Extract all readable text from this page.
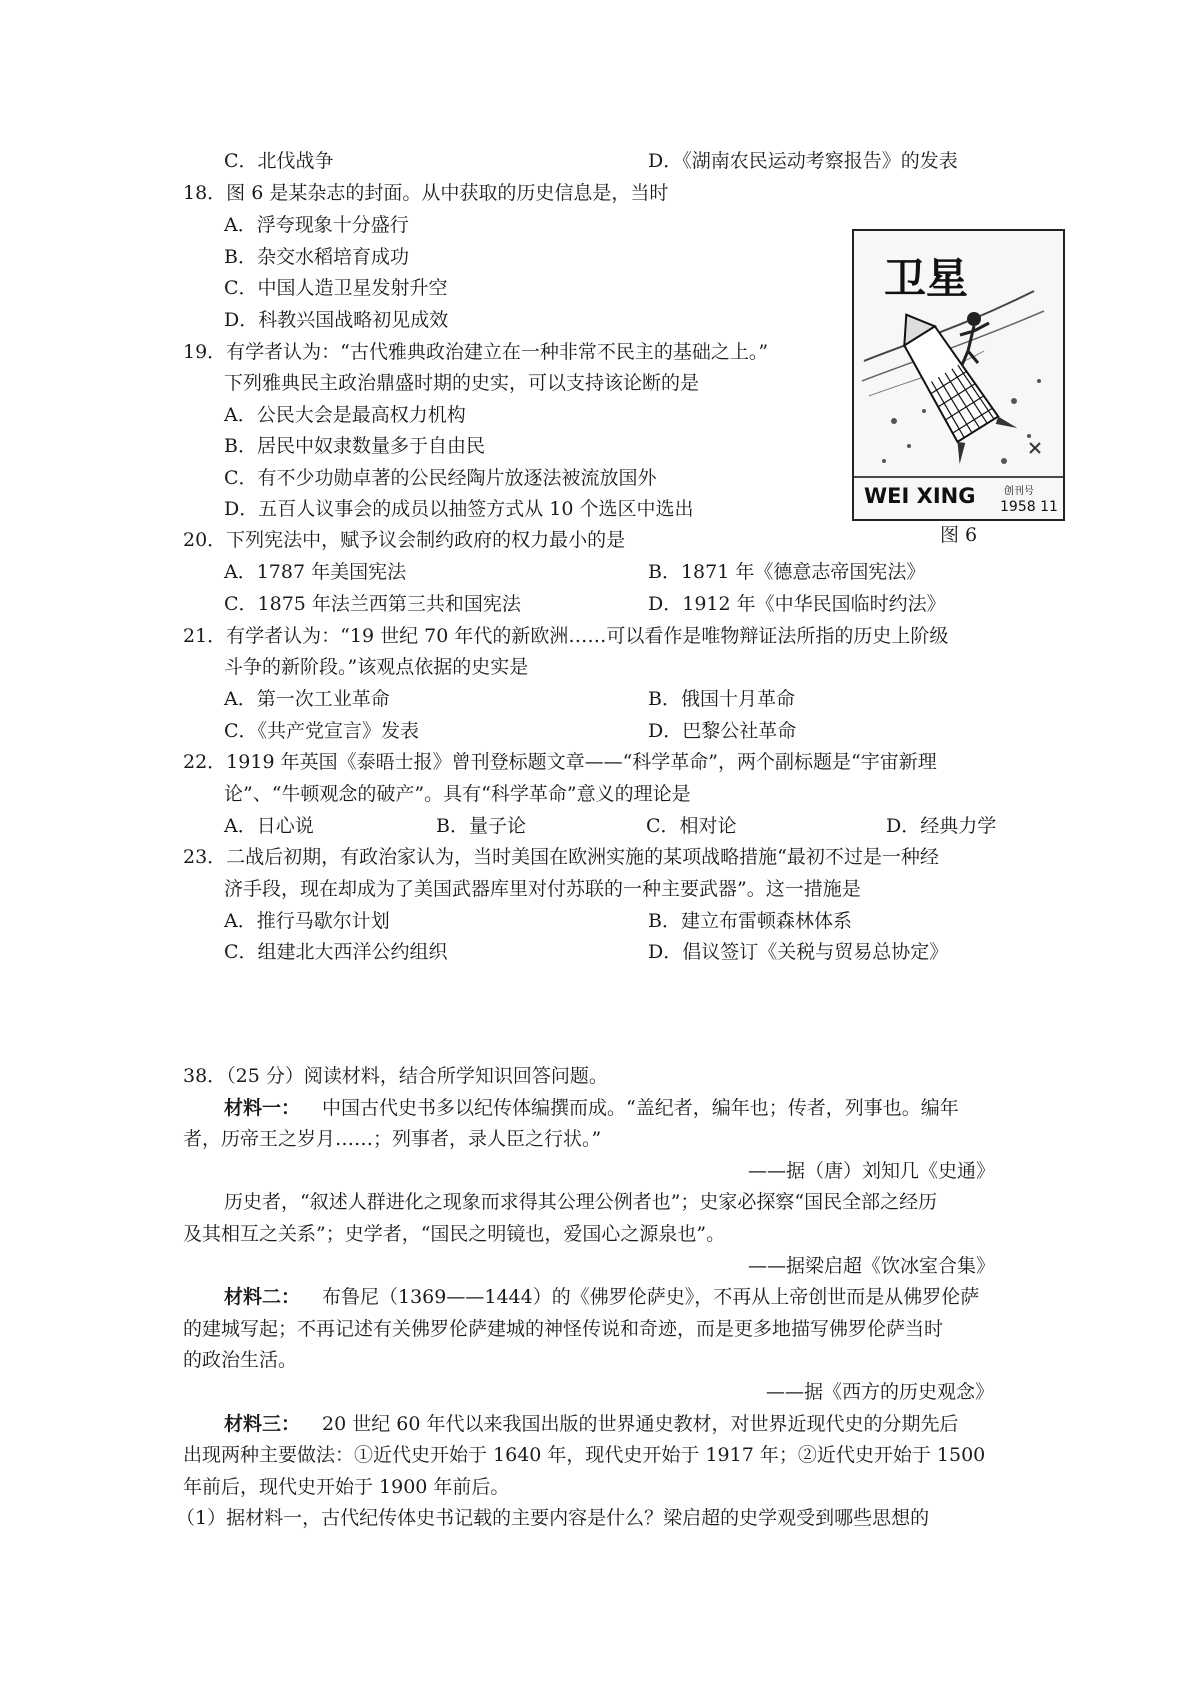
C．北伐战争	D．《湖南农民运动考察报告》的发表
18．图 6 是某杂志的封面。从中获取的历史信息是，当时
A．浮夸现象十分盛行
B．杂交水稻培育成功
C．中国人造卫星发射升空
D．科教兴国战略初见成效
卫星
WEI XING	创刊号
1958 11
图 6
19．有学者认为：“古代雅典政治建立在一种非常不民主的基础之上。”
下列雅典民主政治鼎盛时期的史实，可以支持该论断的是
A．公民大会是最高权力机构
B．居民中奴隶数量多于自由民
C．有不少功勋卓著的公民经陶片放逐法被流放国外
D．五百人议事会的成员以抽签方式从 10 个选区中选出
20．下列宪法中，赋予议会制约政府的权力最小的是
A．1787 年美国宪法	B．1871 年《德意志帝国宪法》
C．1875 年法兰西第三共和国宪法	D．1912 年《中华民国临时约法》
21．有学者认为：“19 世纪 70 年代的新欧洲……可以看作是唯物辩证法所指的历史上阶级
斗争的新阶段。”该观点依据的史实是
A．第一次工业革命	B．俄国十月革命
C．《共产党宣言》发表	D．巴黎公社革命
22．1919 年英国《泰晤士报》曾刊登标题文章——“科学革命”，两个副标题是“宇宙新理
论”、“牛顿观念的破产”。具有“科学革命”意义的理论是
A．日心说	B．量子论	C．相对论	D．经典力学
23．二战后初期，有政治家认为，当时美国在欧洲实施的某项战略措施“最初不过是一种经
济手段，现在却成为了美国武器库里对付苏联的一种主要武器”。这一措施是
A．推行马歇尔计划	B．建立布雷顿森林体系
C．组建北大西洋公约组织	D．倡议签订《关税与贸易总协定》
38．（25 分）阅读材料，结合所学知识回答问题。
材料一： 中国古代史书多以纪传体编撰而成。“盖纪者，编年也；传者，列事也。编年
者，历帝王之岁月……；列事者，录人臣之行状。”
——据（唐）刘知几《史通》
历史者，“叙述人群进化之现象而求得其公理公例者也”；史家必探察“国民全部之经历
及其相互之关系”；史学者，“国民之明镜也，爱国心之源泉也”。
——据梁启超《饮冰室合集》
材料二： 布鲁尼（1369——1444）的《佛罗伦萨史》，不再从上帝创世而是从佛罗伦萨
的建城写起；不再记述有关佛罗伦萨建城的神怪传说和奇迹，而是更多地描写佛罗伦萨当时
的政治生活。
——据《西方的历史观念》
材料三： 20 世纪 60 年代以来我国出版的世界通史教材，对世界近现代史的分期先后
出现两种主要做法：①近代史开始于 1640 年，现代史开始于 1917 年；②近代史开始于 1500
年前后，现代史开始于 1900 年前后。
（1）据材料一，古代纪传体史书记载的主要内容是什么？梁启超的史学观受到哪些思想的
